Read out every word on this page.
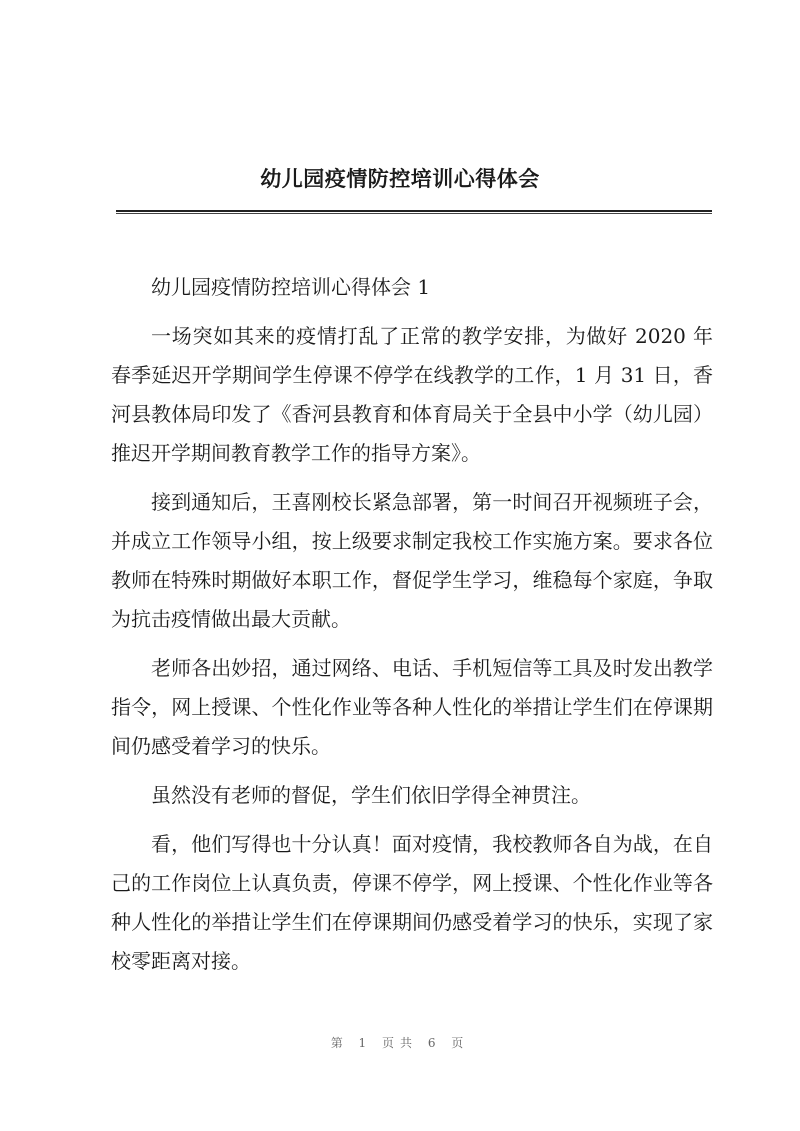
幼儿园疫情防控培训心得体会

幼儿园疫情防控培训心得体会 1

一场突如其来的疫情打乱了正常的教学安排，为做好 2020 年春季延迟开学期间学生停课不停学在线教学的工作，1 月 31 日，香河县教体局印发了《香河县教育和体育局关于全县中小学（幼儿园）推迟开学期间教育教学工作的指导方案》。

接到通知后，王喜刚校长紧急部署，第一时间召开视频班子会，并成立工作领导小组，按上级要求制定我校工作实施方案。要求各位教师在特殊时期做好本职工作，督促学生学习，维稳每个家庭，争取为抗击疫情做出最大贡献。

老师各出妙招，通过网络、电话、手机短信等工具及时发出教学指令，网上授课、个性化作业等各种人性化的举措让学生们在停课期间仍感受着学习的快乐。

虽然没有老师的督促，学生们依旧学得全神贯注。

看，他们写得也十分认真！面对疫情，我校教师各自为战，在自己的工作岗位上认真负责，停课不停学，网上授课、个性化作业等各种人性化的举措让学生们在停课期间仍感受着学习的快乐，实现了家校零距离对接。

第 1 页共 6 页
